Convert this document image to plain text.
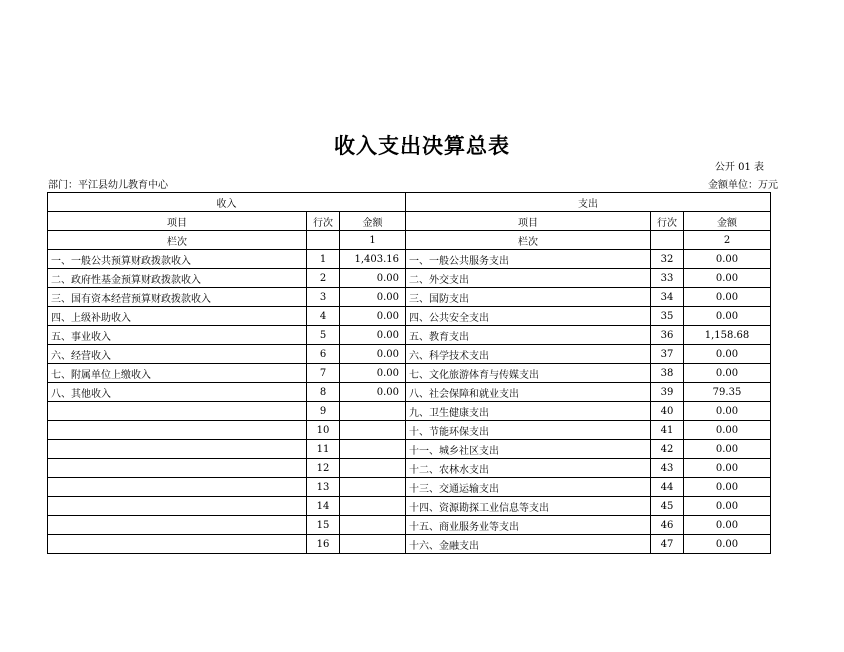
收入支出决算总表
公开 01 表
部门：平江县幼儿教育中心	金额单位：万元
收入			支出		
项目	行次	金额	项目	行次	金额
栏次		1	栏次		2
一、一般公共预算财政拨款收入	1	1,403.16	一、一般公共服务支出	32	0.00
二、政府性基金预算财政拨款收入	2	0.00	二、外交支出	33	0.00
三、国有资本经营预算财政拨款收入	3	0.00	三、国防支出	34	0.00
四、上级补助收入	4	0.00	四、公共安全支出	35	0.00
五、事业收入	5	0.00	五、教育支出	36	1,158.68
六、经营收入	6	0.00	六、科学技术支出	37	0.00
七、附属单位上缴收入	7	0.00	七、文化旅游体育与传媒支出	38	0.00
八、其他收入	8	0.00	八、社会保障和就业支出	39	79.35
	9		九、卫生健康支出	40	0.00
	10		十、节能环保支出	41	0.00
	11		十一、城乡社区支出	42	0.00
	12		十二、农林水支出	43	0.00
	13		十三、交通运输支出	44	0.00
	14		十四、资源勘探工业信息等支出	45	0.00
	15		十五、商业服务业等支出	46	0.00
	16		十六、金融支出	47	0.00
